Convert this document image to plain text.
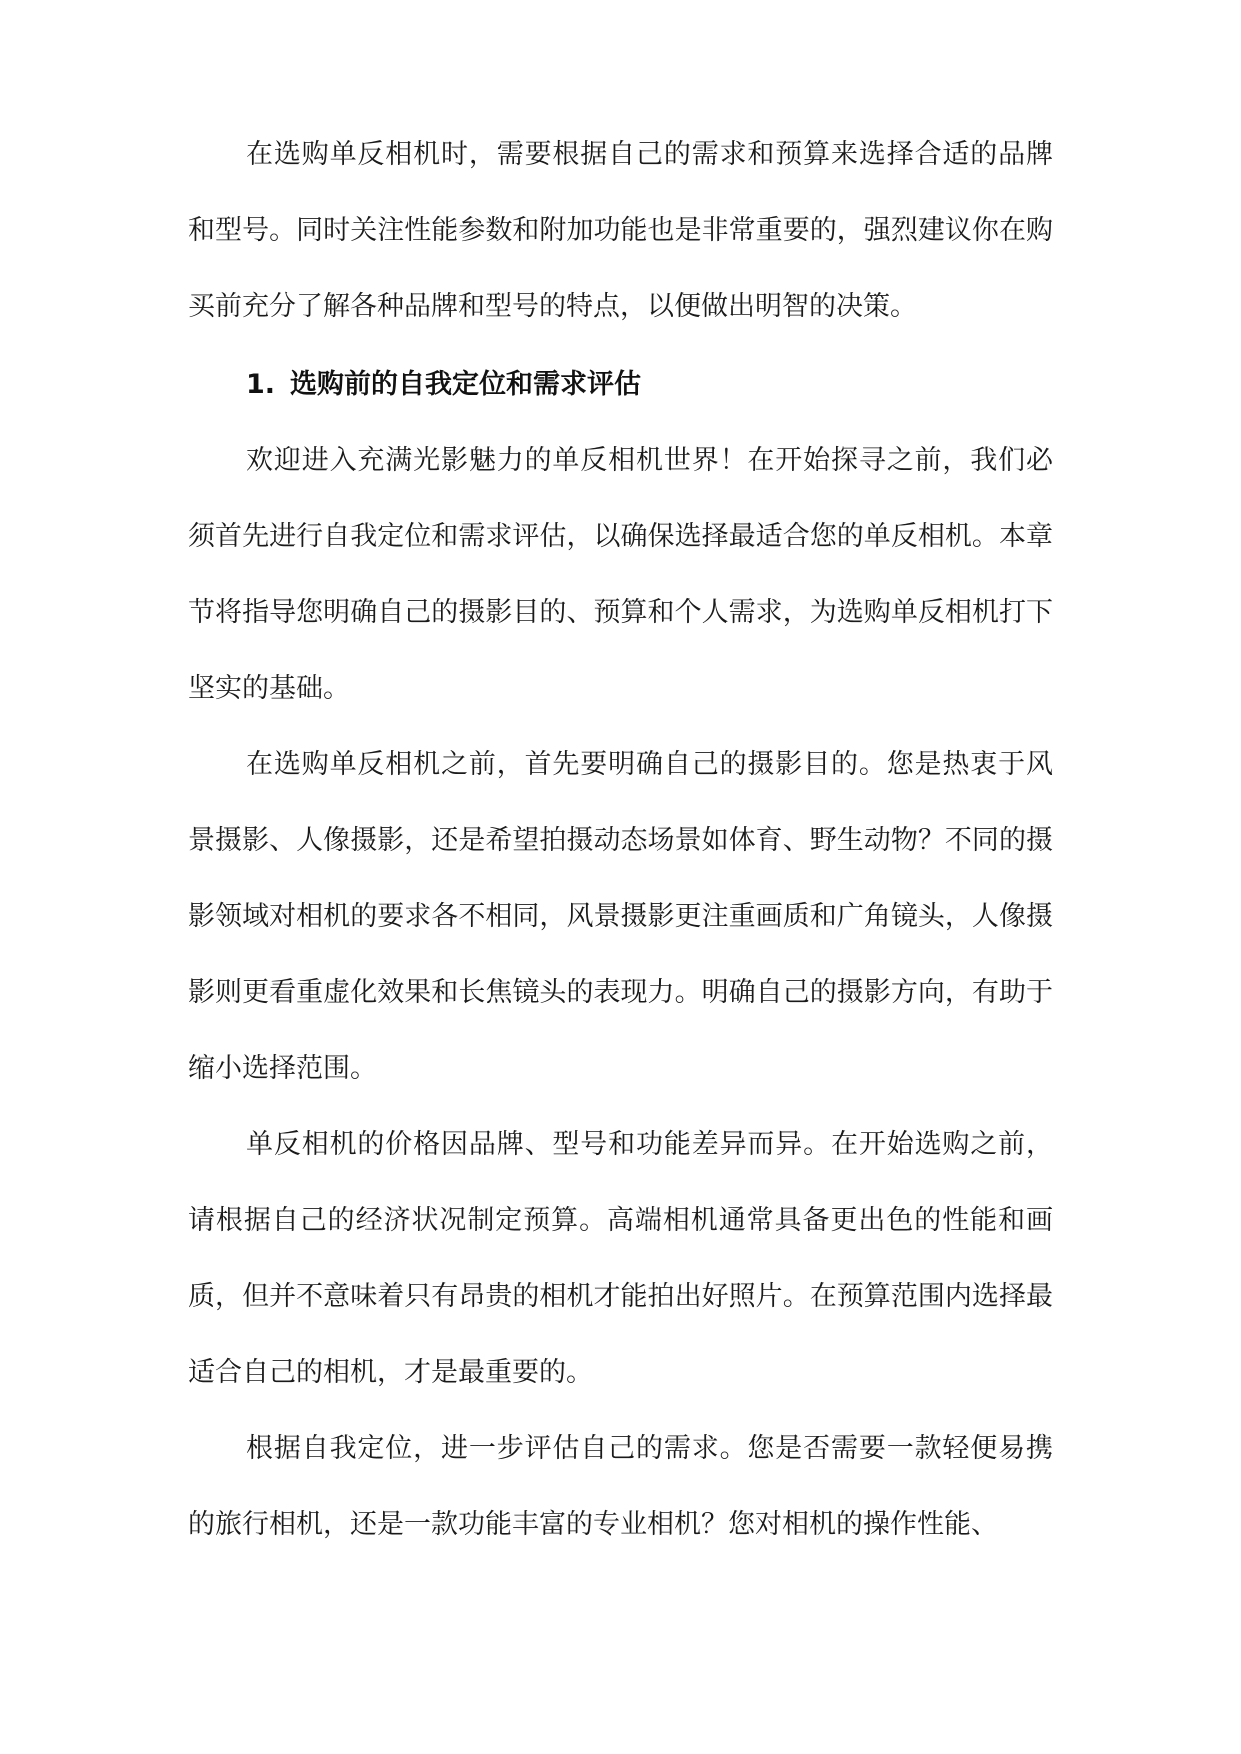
在选购单反相机时，需要根据自己的需求和预算来选择合适的品牌和型号。同时关注性能参数和附加功能也是非常重要的，强烈建议你在购买前充分了解各种品牌和型号的特点，以便做出明智的决策。

1. 选购前的自我定位和需求评估

欢迎进入充满光影魅力的单反相机世界！在开始探寻之前，我们必须首先进行自我定位和需求评估，以确保选择最适合您的单反相机。本章节将指导您明确自己的摄影目的、预算和个人需求，为选购单反相机打下坚实的基础。

在选购单反相机之前，首先要明确自己的摄影目的。您是热衷于风景摄影、人像摄影，还是希望拍摄动态场景如体育、野生动物？不同的摄影领域对相机的要求各不相同，风景摄影更注重画质和广角镜头，人像摄影则更看重虚化效果和长焦镜头的表现力。明确自己的摄影方向，有助于缩小选择范围。

单反相机的价格因品牌、型号和功能差异而异。在开始选购之前，请根据自己的经济状况制定预算。高端相机通常具备更出色的性能和画质，但并不意味着只有昂贵的相机才能拍出好照片。在预算范围内选择最适合自己的相机，才是最重要的。

根据自我定位，进一步评估自己的需求。您是否需要一款轻便易携的旅行相机，还是一款功能丰富的专业相机？您对相机的操作性能、
